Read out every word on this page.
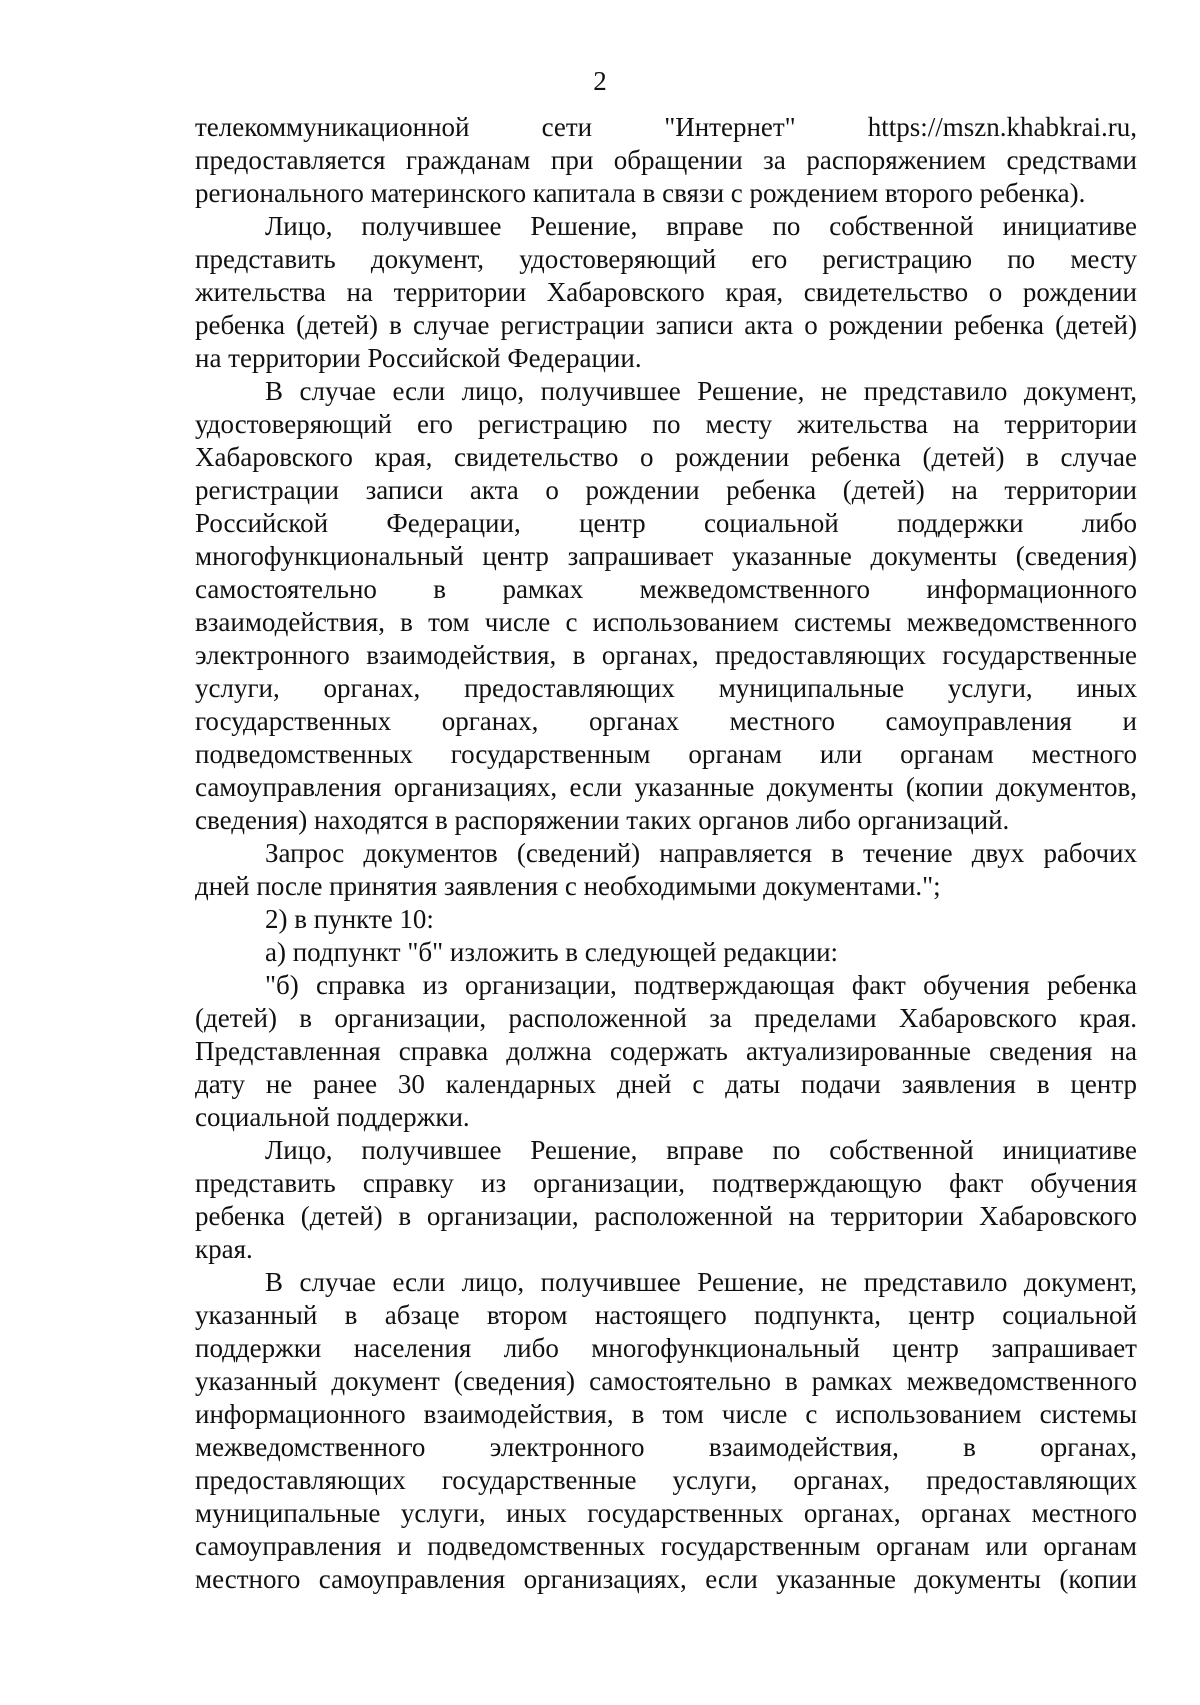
2
телекоммуникационной сети "Интернет" https://mszn.khabkrai.ru,
предоставляется гражданам при обращении за распоряжением средствами
регионального материнского капитала в связи с рождением второго ребенка).
Лицо, получившее Решение, вправе по собственной инициативе
представить документ, удостоверяющий его регистрацию по месту
жительства на территории Хабаровского края, свидетельство о рождении
ребенка (детей) в случае регистрации записи акта о рождении ребенка (детей)
на территории Российской Федерации.
В случае если лицо, получившее Решение, не представило документ,
удостоверяющий его регистрацию по месту жительства на территории
Хабаровского края, свидетельство о рождении ребенка (детей) в случае
регистрации записи акта о рождении ребенка (детей) на территории
Российской Федерации, центр социальной поддержки либо
многофункциональный центр запрашивает указанные документы (сведения)
самостоятельно в рамках межведомственного информационного
взаимодействия, в том числе с использованием системы межведомственного
электронного взаимодействия, в органах, предоставляющих государственные
услуги, органах, предоставляющих муниципальные услуги, иных
государственных органах, органах местного самоуправления и
подведомственных государственным органам или органам местного
самоуправления организациях, если указанные документы (копии документов,
сведения) находятся в распоряжении таких органов либо организаций.
Запрос документов (сведений) направляется в течение двух рабочих
дней после принятия заявления с необходимыми документами.";
2) в пункте 10:
а) подпункт "б" изложить в следующей редакции:
"б) справка из организации, подтверждающая факт обучения ребенка
(детей) в организации, расположенной за пределами Хабаровского края.
Представленная справка должна содержать актуализированные сведения на
дату не ранее 30 календарных дней с даты подачи заявления в центр
социальной поддержки.
Лицо, получившее Решение, вправе по собственной инициативе
представить справку из организации, подтверждающую факт обучения
ребенка (детей) в организации, расположенной на территории Хабаровского
края.
В случае если лицо, получившее Решение, не представило документ,
указанный в абзаце втором настоящего подпункта, центр социальной
поддержки населения либо многофункциональный центр запрашивает
указанный документ (сведения) самостоятельно в рамках межведомственного
информационного взаимодействия, в том числе с использованием системы
межведомственного электронного взаимодействия, в органах,
предоставляющих государственные услуги, органах, предоставляющих
муниципальные услуги, иных государственных органах, органах местного
самоуправления и подведомственных государственным органам или органам
местного самоуправления организациях, если указанные документы (копии
